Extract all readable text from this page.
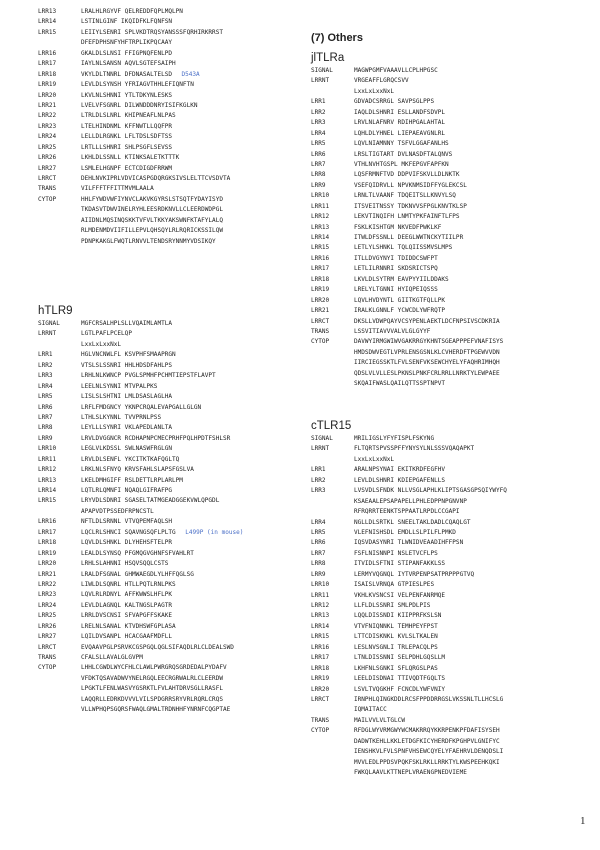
LRR13	LRALHLRGYVF QELREDDFQPLMQLPN
LRR14	LSTINLGINF IKQIDFKLFQNFSN
LRR15	LEIIYLSENRI SPLVKDTRQSYANSSSFQRHIRKRRST
DFEFDPHSNFYHFTRPLIKPQCAAY
LRR16	GKALDLSLNSI FFIGPNQFENLPD
LRR17	IAYLNLSANSN AQVLSGTEFSAIPH
LRR18	VKYLDLTNNRL DFDNASALTELSD D543A
LRR19	LEVLDLSYNSH YFRIAGVTHHLEFIQNFTN
LRR20	LKVLNLSHNNI YTLTDKYNLESKS
LRR21	LVELVFSGNRL DILWNDDDNRYISIFKGLKN
LRR22	LTRLDLSLNRL KHIPNEAFLNLPAS
LRR23	LTELHINDNML KFFNWTLLQQFPR
LRR24	LELLDLRGNKL LFLTDSLSDFTSS
LRR25	LRTLLLSHNRI SHLPSGFLSEVSS
LRR26	LKHLDLSSNLL KTINKSALETKTTTK
LRR27	LSMLELHGNPF ECTCDIGDFRRWM
LRRCT	DEHLNVKIPRLVDVICASPGDQRGKSIVSLELTTCVSDVTA
TRANS	VILFFFTFFITTMVMLAALA
CYTOP	HHLFYWDVWFIYNVCLAKVKGYRSLSTSQTFYDAYISYD
TKDASVTDWVINELRYHLEESRDKNVLLCLEERDWDPGL
AIIDNLMQSINQSKKTVFVLTKKYAKSWNFKTAFYLALQ
RLMDENMDVIIFILLEPVLQHSQYLRLRQRICKSSILQW
PDNPKAKGLFWQTLRNVVLTENDSRYNNMYVDSIKQY
hTLR9
SIGNAL	MGFCRSALHPLSLLVQAIMLAMTLA
LRRNT	LGTLPAFLPCELQP
LxxLxLxxNxL
LRR1	HGLVNCNWLFL KSVPHFSMAAPRGN
LRR2	VTSLSLSSNRI HHLHDSDFAHLPS
LRR3	LRHLNLKWNCP PVGLSPMHFPCHMTIEPSTFLAVPT
LRR4	LEELNLSYNNI MTVPALPKS
LRR5	LISLSLSHTNI LMLDSASLAGLHA
LRR6	LRFLFMDGNCY YKNPCRQALEVAPGALLGLGN
LRR7	LTHLSLKYNNL TVVPRNLPSS
LRR8	LEYLLLSYNRI VKLAPEDLANLTA
LRR9	LRVLDVGGNCR RCDHAPNPCMECPRHFPQLHPDTFSHLSR
LRR10	LEGLVLKDSSL SWLNASWFRGLGN
LRR11	LRVLDLSENFL YKCITKTKAFQGLTQ
LRR12	LRKLNLSFNYQ KRVSFAHLSLAPSFGSLVA
LRR13	LKELDMHGIFF RSLDETTLRPLARLPM
LRR14	LQTLRLQMNFI NQAQLGIFRAFPG
LRR15	LRYVDLSDNRI SGASELTATMGEADGGEKVWLQPGDL
APAPVDTPSSEDFRPNCSTL
LRR16	NFTLDLSRNNL VTVQPEMFAQLSH
LRR17	LQCLRLSHNCI SQAVNGSQFLPLTG L499P (in mouse)
LRR18	LQVLDLSHNKL DLYHEHSFTELPR
LRR19	LEALDLSYNSQ PFGMQGVGHNFSFVAHLRT
LRR20	LRHLSLAHNNI HSQVSQQLCSTS
LRR21	LRALDFSGNAL GHMWAEGDLYLHFFQGLSG
LRR22	LIWLDLSQNRL HTLLPQTLRNLPKS
LRR23	LQVLRLRDNYL AFFKWWSLHFLPK
LRR24	LEVLDLAGNQL KALTNGSLPAGTR
LRR25	LRRLDVSCNSI SFVAPGFFSKAKE
LRR26	LRELNLSANAL KTVDHSWFGPLASA
LRR27	LQILDVSANPL HCACGAAFMDFLL
LRRCT	EVQAAVPGLPSRVKCGSPGQLQGLSIFAQDLRLCLDEALSWD
TRANS	CFALSLLAVALGLGVPM
CYTOP	LHHLCGWDLWYCFHLCLAWLPWRGRQSGRDEDALPYDAFV
VFDKTQSAVADWVYNELRGQLEECRGRWALRLCLEERDW
LPGKTLFENLWASVYGSRKTLFVLAHTDRVSGLLRASFL
LAQQRLLEDRKDVVVLVILSPDGRRSRYVRLRQRLCRQS
VLLWPHQPSGQRSFWAQLGMALTRDNHHFYNRNFCQGPTAE
(7) Others
jlTLRa
SIGNAL	MAGWPGMFVAAAVLLCPLHPGSC
LRRNT	VRGEAFFLGRQCSVV
LxxLxLxxNxL
LRR1	GDVADCSRRGL SAVPSGLPPS
LRR2	IAQLDLSHNRI ESLLANDFSDVPL
LRR3	LRVLNLAFNRV RDIHPGALAHTAL
LRR4	LQHLDLYHNEL LIEPAEAVGNLRL
LRR5	LQVLNIAMNNY TSFVLGGAFANLHS
LRR6	LRSLTIGTART DVLNASDFTALQNVS
LRR7	VTHLNVHTGSPL MKFEPGVFAPFKN
LRR8	LQSFRMNFTVD DDPVIFSKVLLDLNKTK
LRR9	VSEFQIDRVLL NPVKNMSIDFFYGLEKCSL
LRR10	LRNLTLVAANF TDQEITSLLKNVYLSQ
LRR11	ITSVEITNSSY TDKNVVSFPGLKNVTKLSP
LRR12	LEKVTINQIFH LNMTYPKFAINFTLFPS
LRR13	FSKLKISHTGM NKVEDFPWKLKF
LRR14	ITWLDFSSNLL DEEGLWWTNCKYTIILPR
LRR15	LETLYLSHNKL TQLQIISSMVSLMPS
LRR16	ITLLDVGYNYI TDIDDCSWFPT
LRR17	LETLILRNNRI SKDSRICTSPQ
LRR18	LKVLDLSYTRM EAVPYYIILDDAKS
LRR19	LRELYLTGNNI HYIQPEIQSSS
LRR20	LQVLHVDYNTL GIITKGTFQLLPK
LRR21	IRALKLGNNLF YCWCDLYWFRQTP
LRRCT	DKSLLVDWPQAYVCSYPENLAEKTLDCFNPSIVSCDKRIA
TRANS	LSSVITIAVVVALVLGLGYYF
CYTOP	DAVWYIRMGWIWVGAKRRGYKHNTSGEAPPPEFVNAFISYS
HMDSDWVEGTLVPRLENSGSNLKLCVHERDFTPGEWVVDN
IIRCIEGSSKTLFVLSENFVKSEWCHYELYFAQHRIMHQH
QDSLVLVLLESLPKNSLPNKFCRLRRLLNRKTYLEWPAEE
SKQAIFWASLQAILQTTSSPTNPVT
cTLR15
SIGNAL	MRILIGSLYFYFISPLFSKYNG
LRRNT	FLTQRTSPVSSPFFYNYSYLNLSSSVQAQAPKT
LxxLxLxxNxL
LRR1	ARALNPSYNAI EKITKRDFEGFHV
LRR2	LEVLDLSHNRI KDIEPGAFENLLS
LRR3	LVSVDLSFNDK NLLVSGLAPHLKLIPTSGASGPSQIYWYFQ
KSAEAALEPSAPAPELLPHLEDPPNPGNVNP
RFRQRRTEENKTSPPAATLRPDLCCGAPI
LRR4	NGLLDLSRTKL SNEELTAKLDADLCQAQLGT
LRR5	VLEFNISHSDL EMDLLSLPILFLPMKD
LRR6	IQSVDASYNRI TLWNIDVEAADIHFFPSN
LRR7	FSFLNISNNPI NSLETVCFLPS
LRR8	ITVIDLSFTNI STIPANFAKKLSS
LRR9	LERMYVQGNQL IYTVRPENPSATPRPPPGTVQ
LRR10	ISAISLVRNQA GTPIESLPES
LRR11	VKHLKVSNCSI VELPENFANRMQE
LRR12	LLFLDLSSNRI SMLPDLPIS
LRR13	LQQLDISSNDI KIIPPRFKSLSN
LRR14	VTVFNIQNNKL TEMHPEYFPST
LRR15	LTTCDISKNKL KVLSLTKALEN
LRR16	LESLNVSGNLI TRLEPACQLPS
LRR17	LTNLDISSNNI SELPDHLGQSLLM
LRR18	LKHFNLSGNKI SFLQRGSLPAS
LRR19	LEELDISDNAI TTIVQDTFGQLTS
LRR20	LSVLTVQGKHF FCNCDLYWFVNIY
LRRCT	IRNPHLQINGKDDLRCSFPPDDRRGSLVKSSNLTLLHCSLG
IQMAITACC
TRANS	MAILVVLVLTGLCW
CYTOP	RFDGLWYVRMGWYWCMAKRRQYKKRPENKPFDAFISYSEH
DADWTKEHLLKKLETDGFKICYHERDFKPGHPVLGNIFYC
IENSHKVLFVLSPNFVHSEWCQYELYFAEHRVLDENQDSLI
MVVLEDLPPDSVPQKFSKLRKLLRRKTYLKWSPEEHKQKI
FWKQLAAVLKTTNEPLVRAENGPNEDVIEME
1
